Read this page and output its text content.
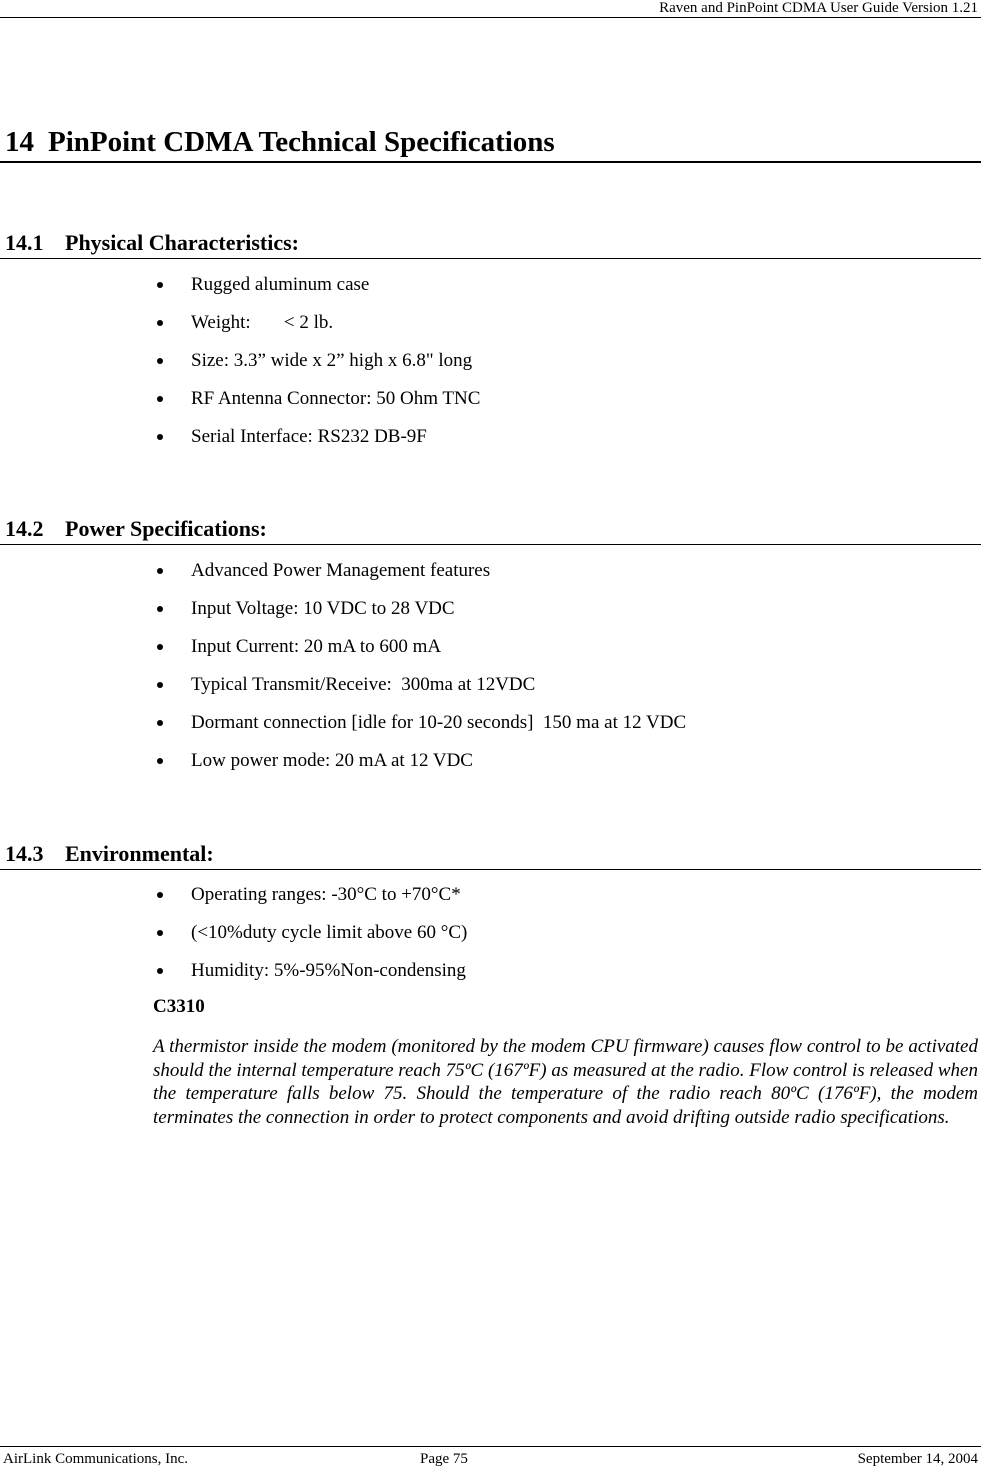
Raven and PinPoint CDMA User Guide Version 1.21
14 PinPoint CDMA Technical Specifications
14.1 Physical Characteristics:
Rugged aluminum case
Weight:       < 2 lb.
Size: 3.3” wide x 2” high x 6.8" long
RF Antenna Connector: 50 Ohm TNC
Serial Interface: RS232 DB-9F
14.2 Power Specifications:
Advanced Power Management features
Input Voltage: 10 VDC to 28 VDC
Input Current: 20 mA to 600 mA
Typical Transmit/Receive:  300ma at 12VDC
Dormant connection [idle for 10-20 seconds]  150 ma at 12 VDC
Low power mode: 20 mA at 12 VDC
14.3 Environmental:
Operating ranges: -30°C to +70°C*
(<10%duty cycle limit above 60 °C)
Humidity: 5%-95%Non-condensing
C3310

A thermistor inside the modem (monitored by the modem CPU firmware) causes flow control to be activated should the internal temperature reach 75ºC (167ºF) as measured at the radio. Flow control is released when the temperature falls below 75. Should the temperature of the radio reach 80ºC (176ºF), the modem terminates the connection in order to protect components and avoid drifting outside radio specifications.

AirLink Communications, Inc.	Page 75	September 14, 2004
